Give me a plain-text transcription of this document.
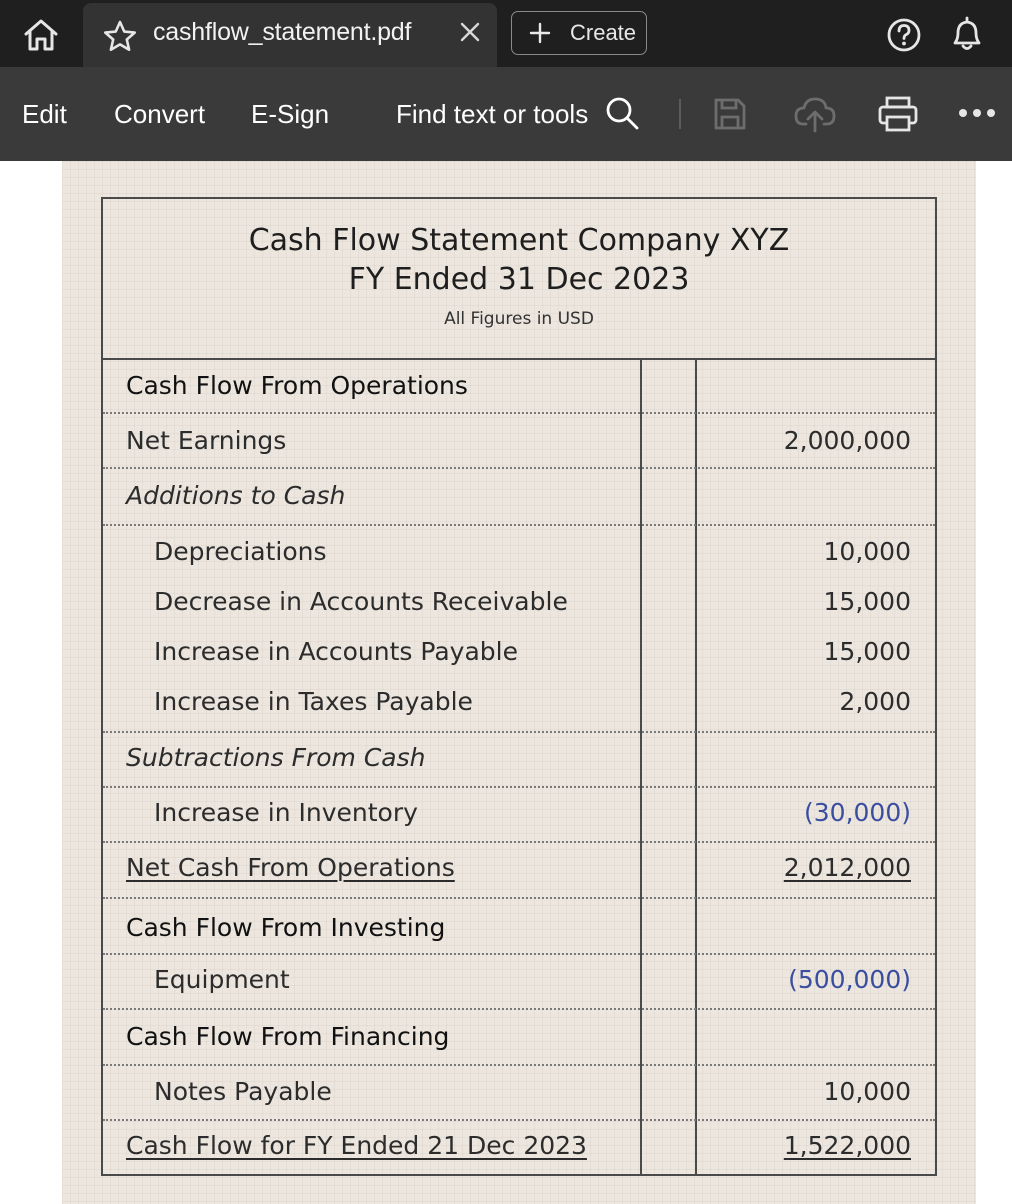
cashflow_statement.pdf	Create
Edit Convert E-Sign	Find text or tools
Cash Flow Statement Company XYZ
FY Ended 31 Dec 2023
All Figures in USD
Cash Flow From Operations
Net Earnings	2,000,000
Additions to Cash
Depreciations	10,000
Decrease in Accounts Receivable	15,000
Increase in Accounts Payable	15,000
Increase in Taxes Payable	2,000
Subtractions From Cash
Increase in Inventory	(30,000)
Net Cash From Operations	2,012,000
Cash Flow From Investing
Equipment	(500,000)
Cash Flow From Financing
Notes Payable	10,000
Cash Flow for FY Ended 21 Dec 2023	1,522,000
